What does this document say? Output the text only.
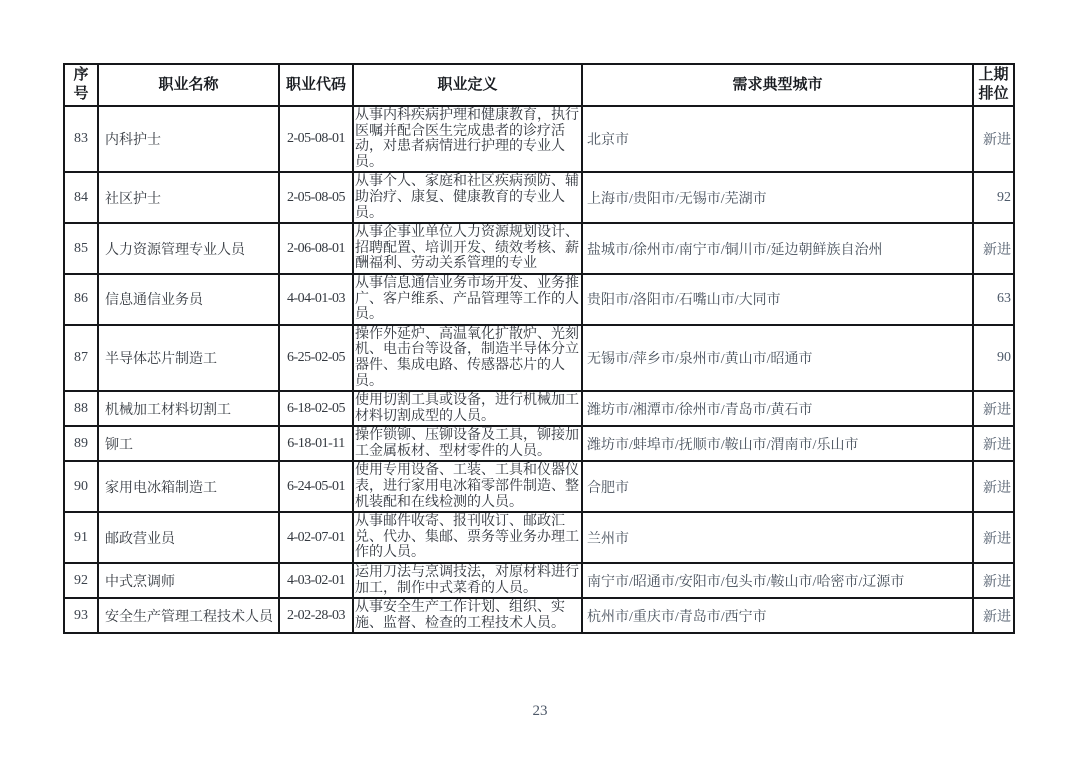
序号	职业名称	职业代码	职业定义	需求典型城市	上期排位
83	内科护士	2-05-08-01	从事内科疾病护理和健康教育，执行医嘱并配合医生完成患者的诊疗活动，对患者病情进行护理的专业人员。	北京市	新进
84	社区护士	2-05-08-05	从事个人、家庭和社区疾病预防、辅助治疗、康复、健康教育的专业人员。	上海市/贵阳市/无锡市/芜湖市	92
85	人力资源管理专业人员	2-06-08-01	从事企事业单位人力资源规划设计、招聘配置、培训开发、绩效考核、薪酬福利、劳动关系管理的专业	盐城市/徐州市/南宁市/铜川市/延边朝鲜族自治州	新进
86	信息通信业务员	4-04-01-03	从事信息通信业务市场开发、业务推广、客户维系、产品管理等工作的人员。	贵阳市/洛阳市/石嘴山市/大同市	63
87	半导体芯片制造工	6-25-02-05	操作外延炉、高温氧化扩散炉、光刻机、电击台等设备，制造半导体分立器件、集成电路、传感器芯片的人员。	无锡市/萍乡市/泉州市/黄山市/昭通市	90
88	机械加工材料切割工	6-18-02-05	使用切割工具或设备，进行机械加工材料切割成型的人员。	潍坊市/湘潭市/徐州市/青岛市/黄石市	新进
89	铆工	6-18-01-11	操作锁铆、压铆设备及工具，铆接加工金属板材、型材零件的人员。	潍坊市/蚌埠市/抚顺市/鞍山市/渭南市/乐山市	新进
90	家用电冰箱制造工	6-24-05-01	使用专用设备、工装、工具和仪器仪表，进行家用电冰箱零部件制造、整机装配和在线检测的人员。	合肥市	新进
91	邮政营业员	4-02-07-01	从事邮件收寄、报刊收订、邮政汇兑、代办、集邮、票务等业务办理工作的人员。	兰州市	新进
92	中式烹调师	4-03-02-01	运用刀法与烹调技法，对原材料进行加工，制作中式菜肴的人员。	南宁市/昭通市/安阳市/包头市/鞍山市/哈密市/辽源市	新进
93	安全生产管理工程技术人员	2-02-28-03	从事安全生产工作计划、组织、实施、监督、检查的工程技术人员。	杭州市/重庆市/青岛市/西宁市	新进
23
